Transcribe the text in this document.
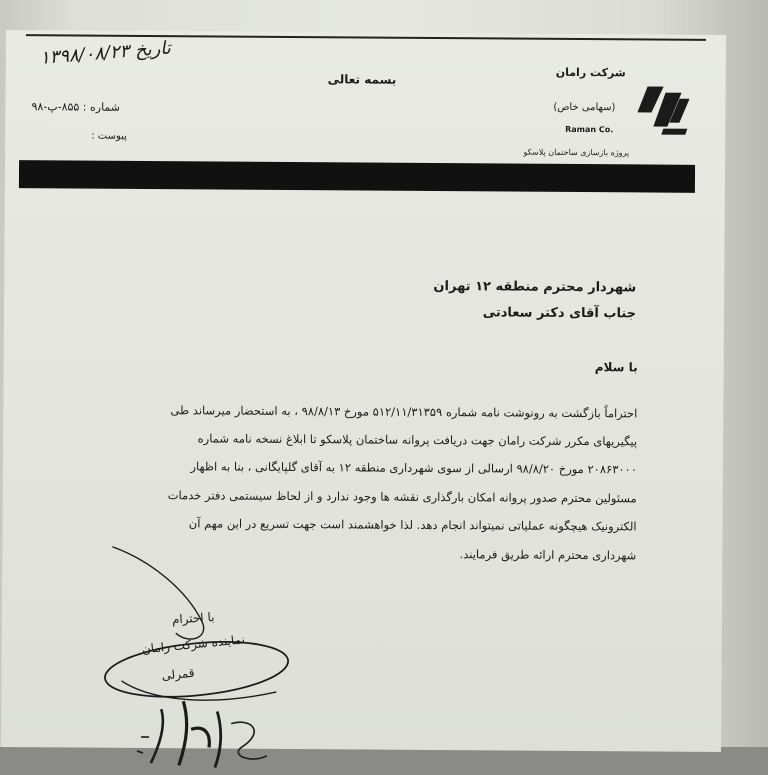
شرکت رامان
(سهامی خاص)
Raman Co.
پروژه بازسازی ساختمان پلاسکو
بسمه تعالی
تاریخ ۱۳۹۸/۰۸/۲۳
شماره : ۸۵۵-پ-۹۸
پیوست :
شهردار محترم منطقه ۱۲ تهران
جناب آقای دکتر سعادتی
با سلام
احتراماً بازگشت به رونوشت نامه شماره ۵۱۲/۱۱/۳۱۳۵۹ مورخ ۹۸/۸/۱۳ ، به استحضار میرساند طی
پیگیریهای مکرر شرکت رامان جهت دریافت پروانه ساختمان پلاسکو تا ابلاغ نسخه نامه شماره
۲۰۸۶۳۰۰۰ مورخ ۹۸/۸/۲۰ ارسالی از سوی شهرداری منطقه ۱۲ به آقای گلپایگانی ، بنا به اظهار
مسئولین محترم صدور پروانه امکان بارگذاری نقشه ها وجود ندارد و از لحاظ سیستمی دفتر خدمات
الکترونیک هیچگونه عملیاتی نمیتواند انجام دهد. لذا خواهشمند است جهت تسریع در این مهم آن
شهرداری محترم ارائه طریق فرمایند.
با احترام
نماینده شرکت رامان
قمرلی
